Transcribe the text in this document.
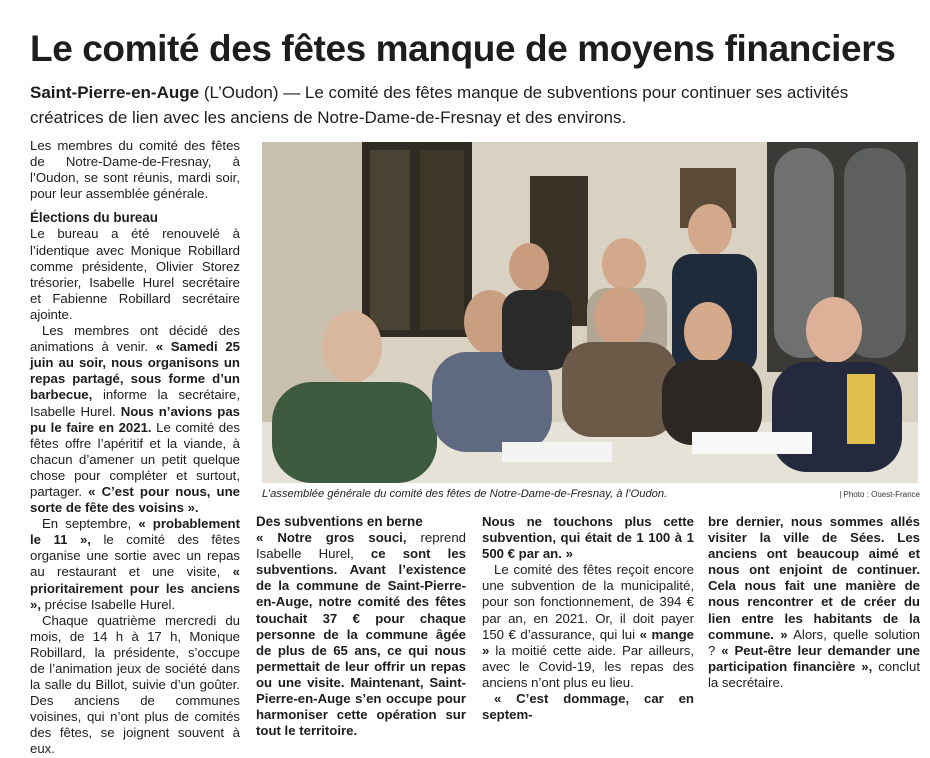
Le comité des fêtes manque de moyens financiers
Saint-Pierre-en-Auge (L’Oudon) — Le comité des fêtes manque de subventions pour continuer ses activités créatrices de lien avec les anciens de Notre-Dame-de-Fresnay et des environs.

Les membres du comité des fêtes de Notre-Dame-de-Fresnay, à l’Oudon, se sont réunis, mardi soir, pour leur assemblée générale.

Élections du bureau

Le bureau a été renouvelé à l’identique avec Monique Robillard comme présidente, Olivier Storez trésorier, Isabelle Hurel secrétaire et Fabienne Robillard secrétaire ajointe.

Les membres ont décidé des animations à venir. « Samedi 25 juin au soir, nous organisons un repas partagé, sous forme d’un barbecue, informe la secrétaire, Isabelle Hurel. Nous n’avions pas pu le faire en 2021. Le comité des fêtes offre l’apéritif et la viande, à chacun d’amener un petit quelque chose pour compléter et surtout, partager. « C’est pour nous, une sorte de fête des voisins ».

En septembre, « probablement le 11 », le comité des fêtes organise une sortie avec un repas au restaurant et une visite, « prioritairement pour les anciens », précise Isabelle Hurel.

Chaque quatrième mercredi du mois, de 14 h à 17 h, Monique Robillard, la présidente, s’occupe de l’animation jeux de société dans la salle du Billot, suivie d’un goûter. Des anciens de communes voisines, qui n’ont plus de comités des fêtes, se joignent souvent à eux.

L’assemblée générale du comité des fêtes de Notre-Dame-de-Fresnay, à l’Oudon.	| Photo : Ouest-France
Des subventions en berne

« Notre gros souci, reprend Isabelle Hurel, ce sont les subventions. Avant l’existence de la commune de Saint-Pierre-en-Auge, notre comité des fêtes touchait 37 € pour chaque personne de la commune âgée de plus de 65 ans, ce qui nous permettait de leur offrir un repas ou une visite. Maintenant, Saint-Pierre-en-Auge s’en occupe pour harmoniser cette opération sur tout le territoire.

Nous ne touchons plus cette subvention, qui était de 1 100 à 1 500 € par an. »

Le comité des fêtes reçoit encore une subvention de la municipalité, pour son fonctionnement, de 394 € par an, en 2021. Or, il doit payer 150 € d’assurance, qui lui « mange » la moitié cette aide. Par ailleurs, avec le Covid-19, les repas des anciens n’ont plus eu lieu.

« C’est dommage, car en septem-

bre dernier, nous sommes allés visiter la ville de Sées. Les anciens ont beaucoup aimé et nous ont enjoint de continuer. Cela nous fait une manière de nous rencontrer et de créer du lien entre les habitants de la commune. » Alors, quelle solution ? « Peut-être leur demander une participation financière », conclut la secrétaire.
